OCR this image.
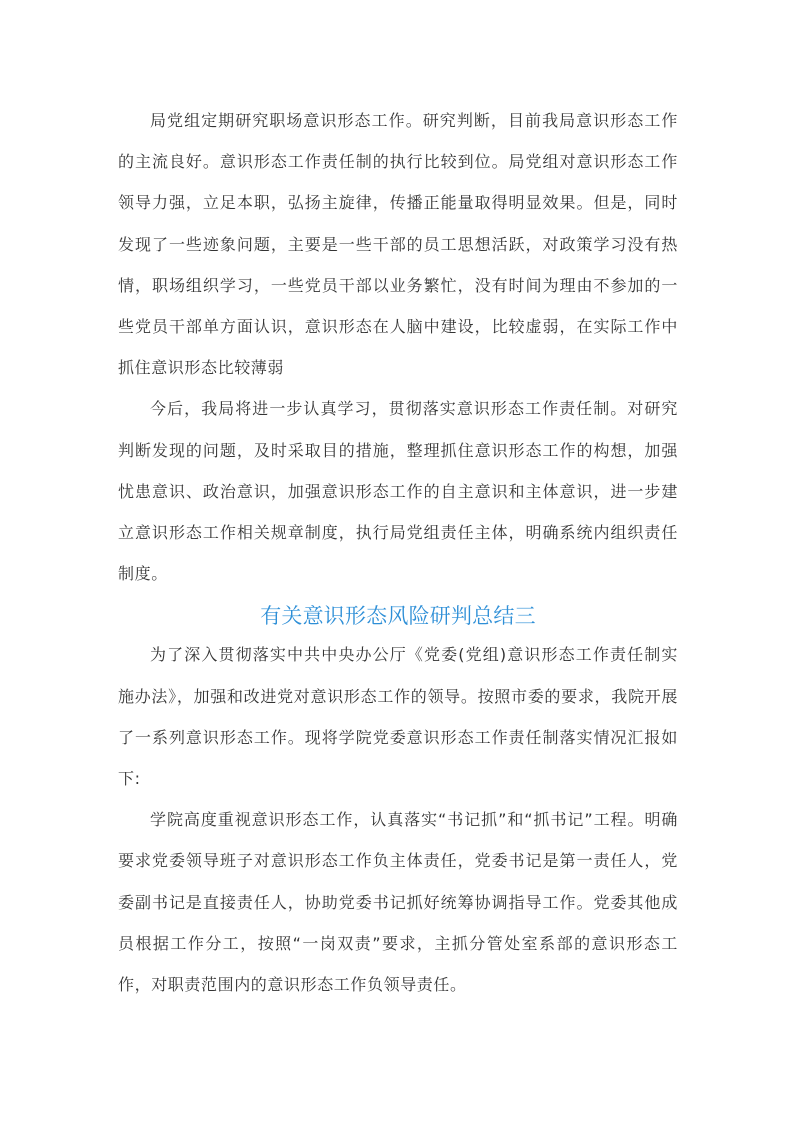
局党组定期研究职场意识形态工作。研究判断，目前我局意识形态工作的主流良好。意识形态工作责任制的执行比较到位。局党组对意识形态工作领导力强，立足本职，弘扬主旋律，传播正能量取得明显效果。但是，同时发现了一些迹象问题，主要是一些干部的员工思想活跃，对政策学习没有热情，职场组织学习，一些党员干部以业务繁忙，没有时间为理由不参加的一些党员干部单方面认识，意识形态在人脑中建设，比较虚弱，在实际工作中抓住意识形态比较薄弱

今后，我局将进一步认真学习，贯彻落实意识形态工作责任制。对研究判断发现的问题，及时采取目的措施，整理抓住意识形态工作的构想，加强忧患意识、政治意识，加强意识形态工作的自主意识和主体意识，进一步建立意识形态工作相关规章制度，执行局党组责任主体，明确系统内组织责任制度。

有关意识形态风险研判总结三

为了深入贯彻落实中共中央办公厅《党委(党组)意识形态工作责任制实施办法》，加强和改进党对意识形态工作的领导。按照市委的要求，我院开展了一系列意识形态工作。现将学院党委意识形态工作责任制落实情况汇报如下:

学院高度重视意识形态工作，认真落实“书记抓”和“抓书记”工程。明确要求党委领导班子对意识形态工作负主体责任，党委书记是第一责任人，党委副书记是直接责任人，协助党委书记抓好统筹协调指导工作。党委其他成员根据工作分工，按照“一岗双责”要求，主抓分管处室系部的意识形态工作，对职责范围内的意识形态工作负领导责任。
